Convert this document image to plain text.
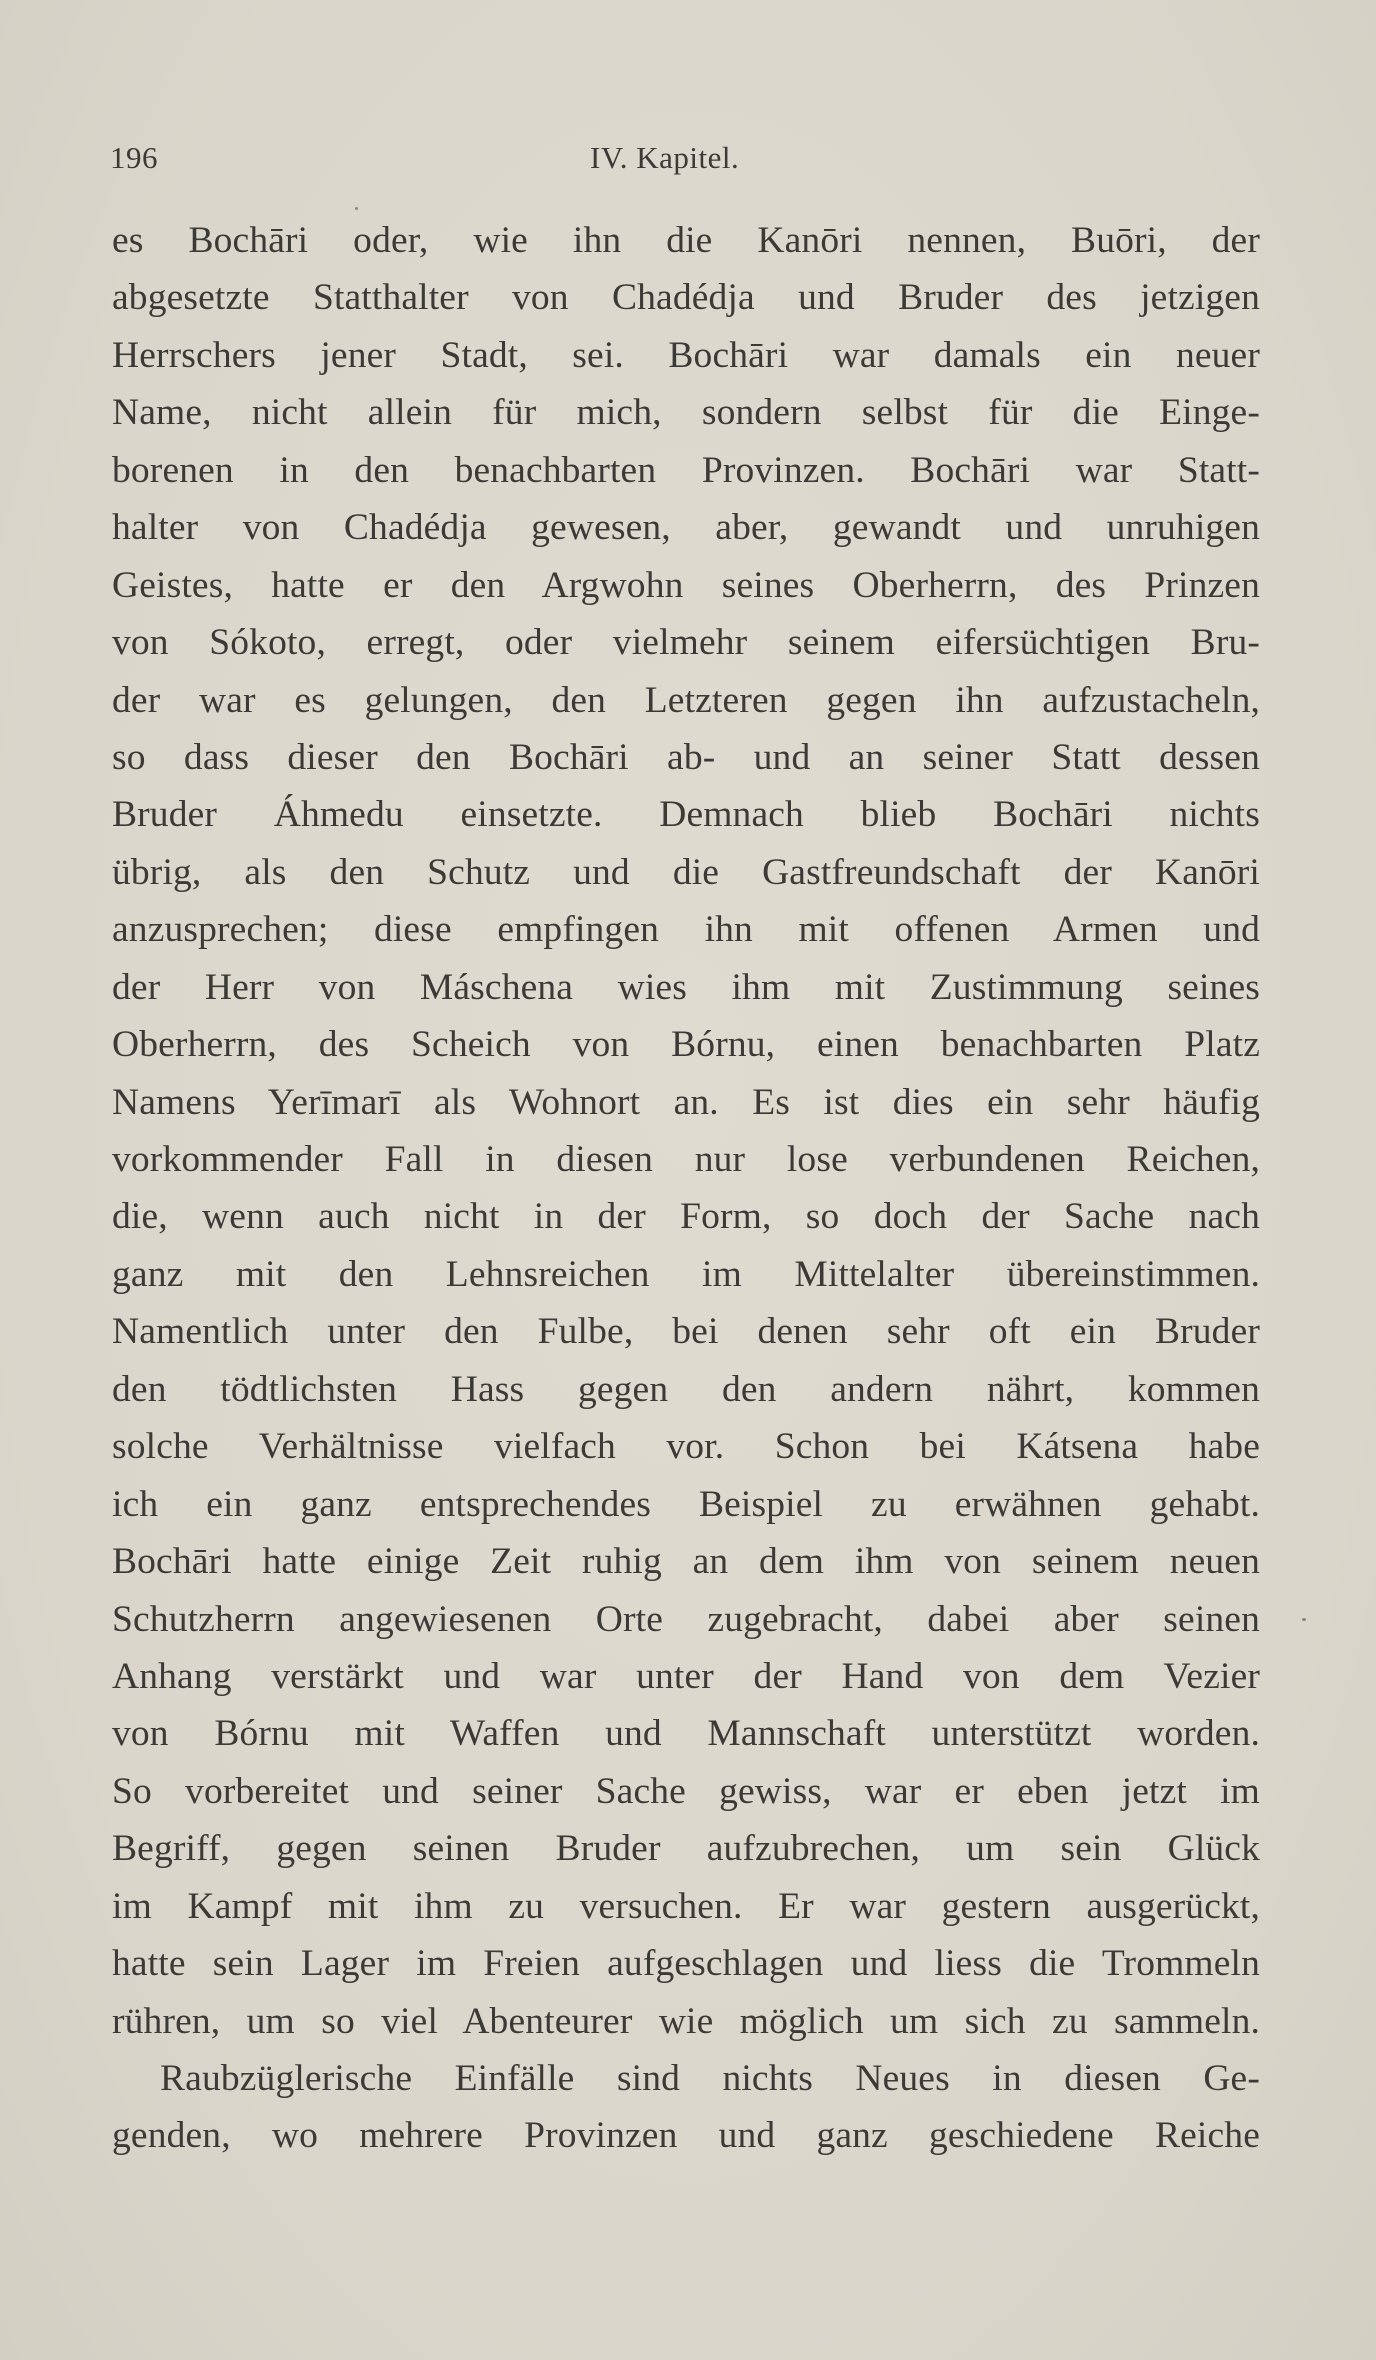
196	IV. Kapitel.
es Bochāri oder, wie ihn die Kanōri nennen, Buōri, der
abgesetzte Statthalter von Chadédja und Bruder des jetzigen
Herrschers jener Stadt, sei. Bochāri war damals ein neuer
Name, nicht allein für mich, sondern selbst für die Einge-
borenen in den benachbarten Provinzen. Bochāri war Statt-
halter von Chadédja gewesen, aber, gewandt und unruhigen
Geistes, hatte er den Argwohn seines Oberherrn, des Prinzen
von Sókoto, erregt, oder vielmehr seinem eifersüchtigen Bru-
der war es gelungen, den Letzteren gegen ihn aufzustacheln,
so dass dieser den Bochāri ab- und an seiner Statt dessen
Bruder Áhmedu einsetzte. Demnach blieb Bochāri nichts
übrig, als den Schutz und die Gastfreundschaft der Kanōri
anzusprechen; diese empfingen ihn mit offenen Armen und
der Herr von Máschena wies ihm mit Zustimmung seines
Oberherrn, des Scheich von Bórnu, einen benachbarten Platz
Namens Yerīmarī als Wohnort an. Es ist dies ein sehr häufig
vorkommender Fall in diesen nur lose verbundenen Reichen,
die, wenn auch nicht in der Form, so doch der Sache nach
ganz mit den Lehnsreichen im Mittelalter übereinstimmen.
Namentlich unter den Fulbe, bei denen sehr oft ein Bruder
den tödtlichsten Hass gegen den andern nährt, kommen
solche Verhältnisse vielfach vor. Schon bei Kátsena habe
ich ein ganz entsprechendes Beispiel zu erwähnen gehabt.
Bochāri hatte einige Zeit ruhig an dem ihm von seinem neuen
Schutzherrn angewiesenen Orte zugebracht, dabei aber seinen
Anhang verstärkt und war unter der Hand von dem Vezier
von Bórnu mit Waffen und Mannschaft unterstützt worden.
So vorbereitet und seiner Sache gewiss, war er eben jetzt im
Begriff, gegen seinen Bruder aufzubrechen, um sein Glück
im Kampf mit ihm zu versuchen. Er war gestern ausgerückt,
hatte sein Lager im Freien aufgeschlagen und liess die Trommeln
rühren, um so viel Abenteurer wie möglich um sich zu sammeln.
Raubzüglerische Einfälle sind nichts Neues in diesen Ge-
genden, wo mehrere Provinzen und ganz geschiedene Reiche
